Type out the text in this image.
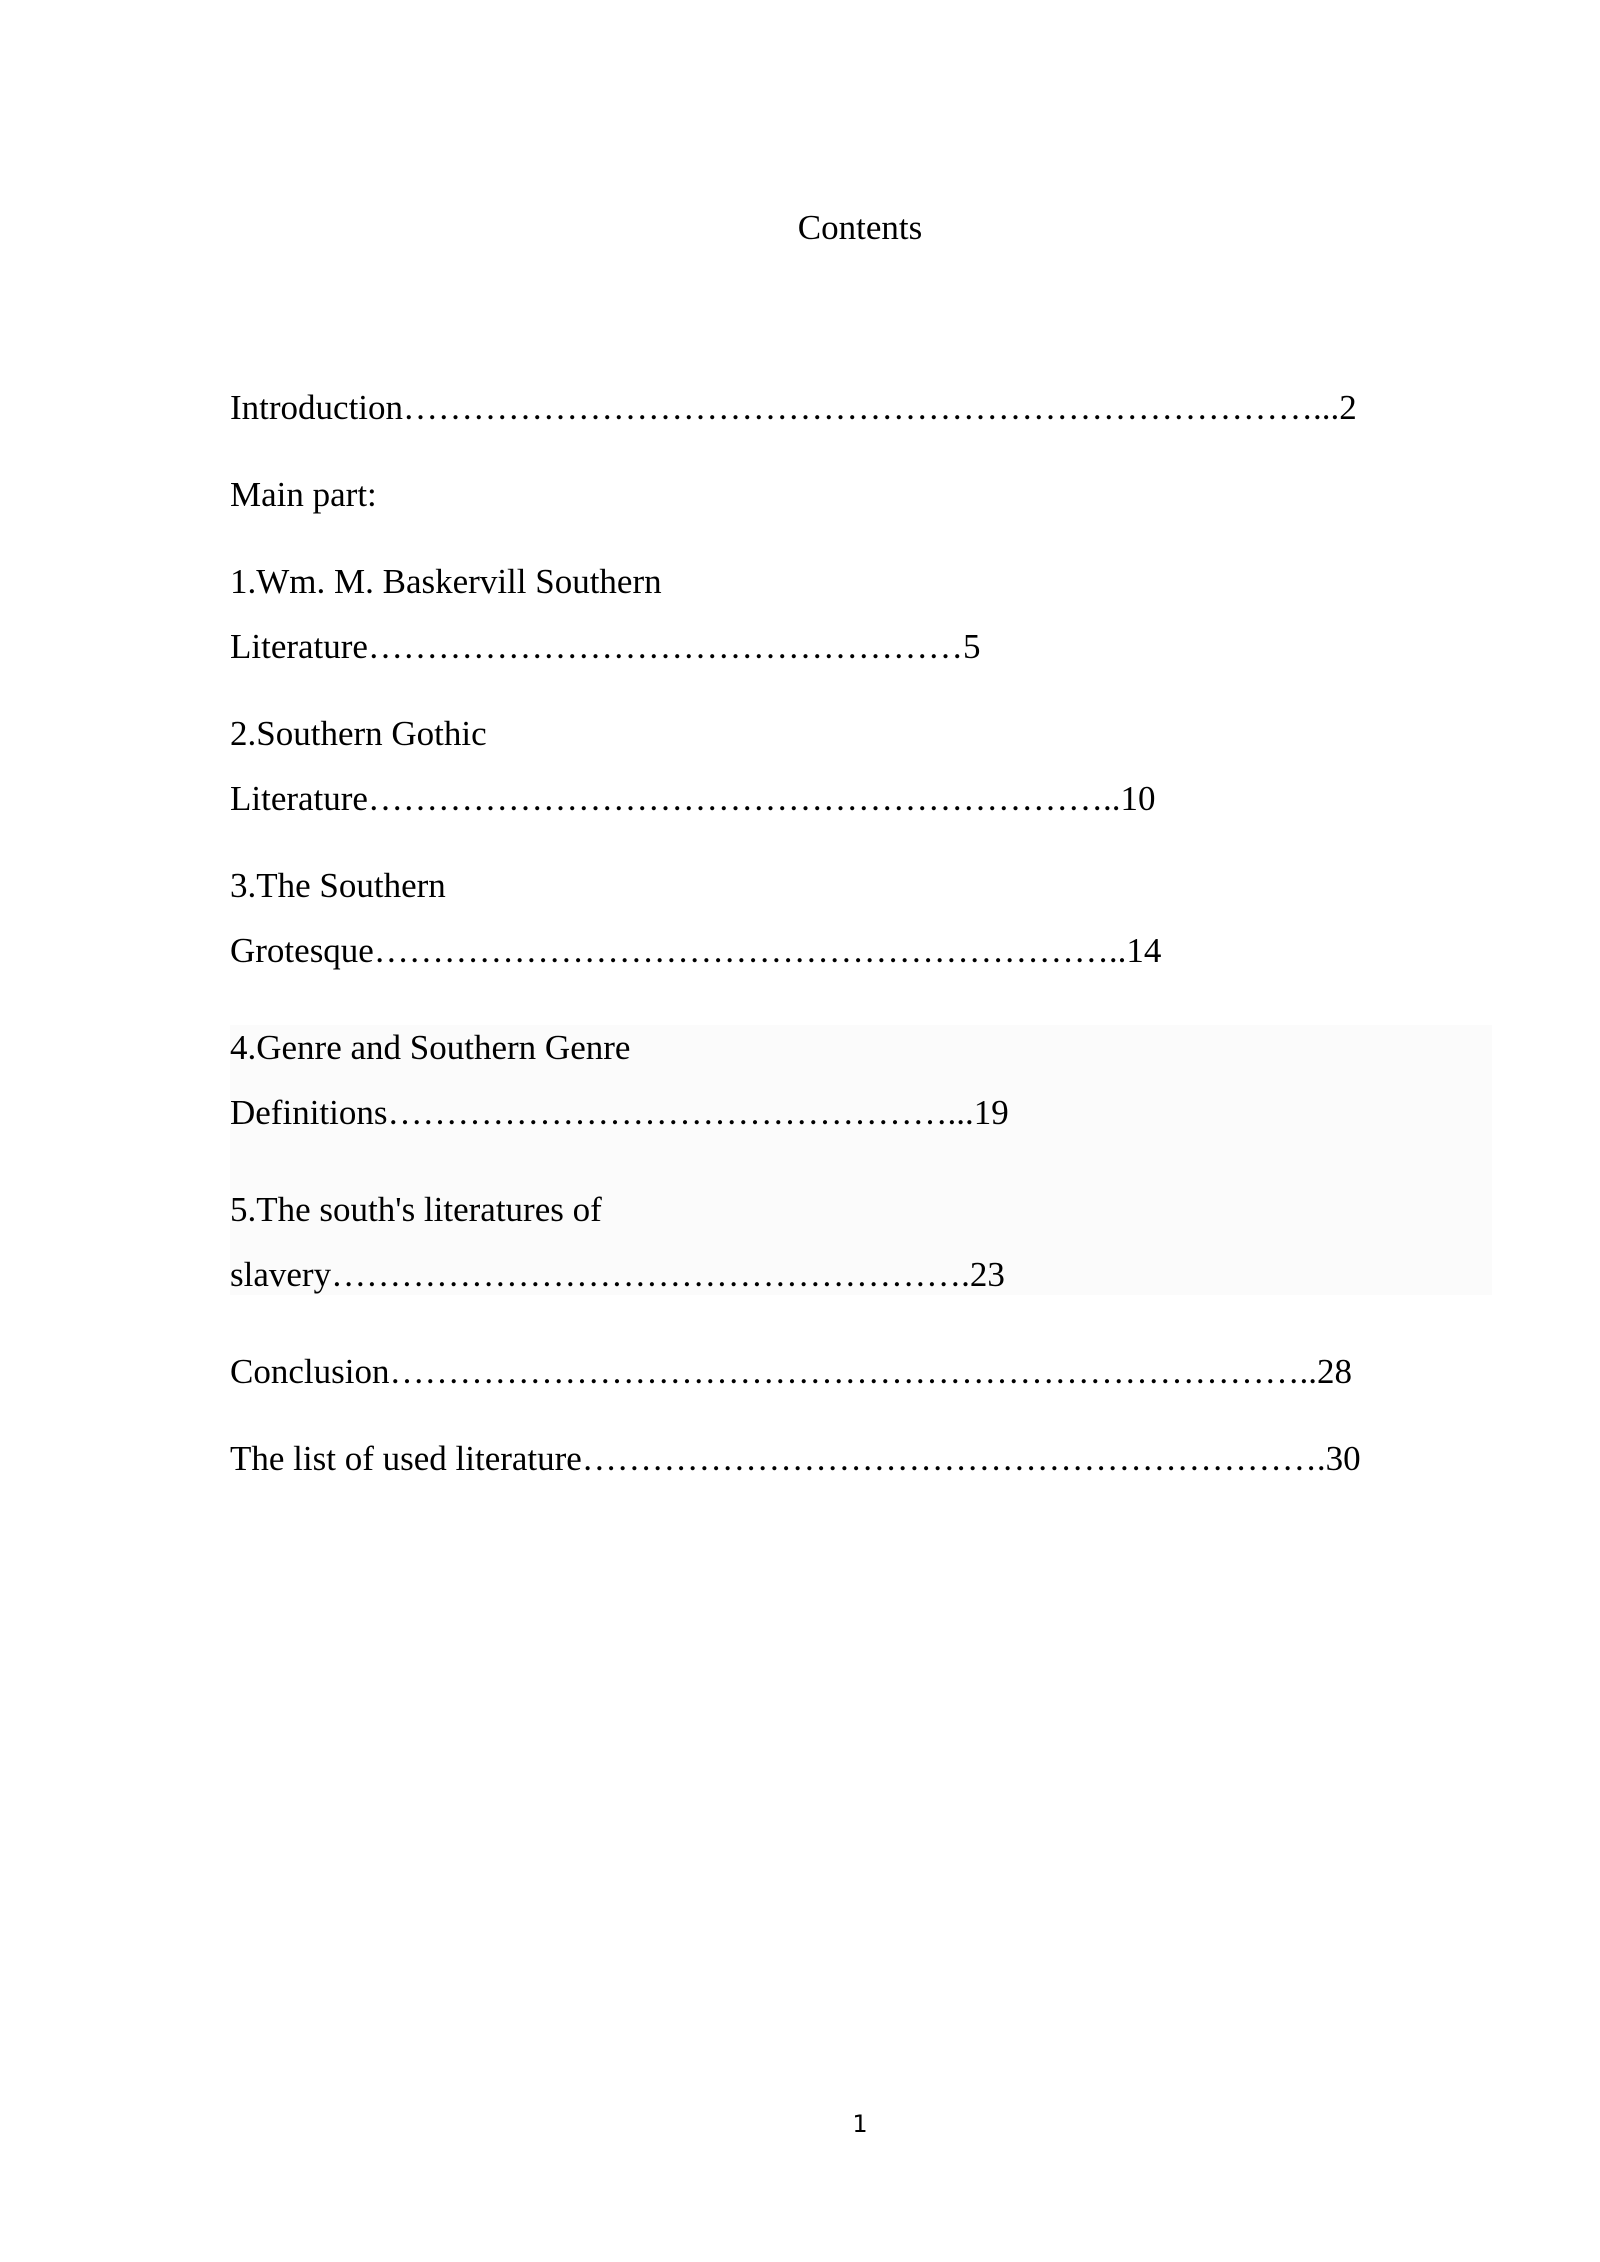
Contents
Introduction……………………………………………………………………...2
Main part:
1.Wm. M. Baskervill Southern
Literature……………………………………………5
2.Southern Gothic
Literature………………………………………………………..10
3.The Southern
Grotesque………………………………………………………..14
4.Genre and Southern Genre
Definitions…………………………………………...19
5.The south's literatures of
slavery……………………………………………….23
Conclusion……………………………………………………………………..28
The list of used literature……………………………………………………….30
1
